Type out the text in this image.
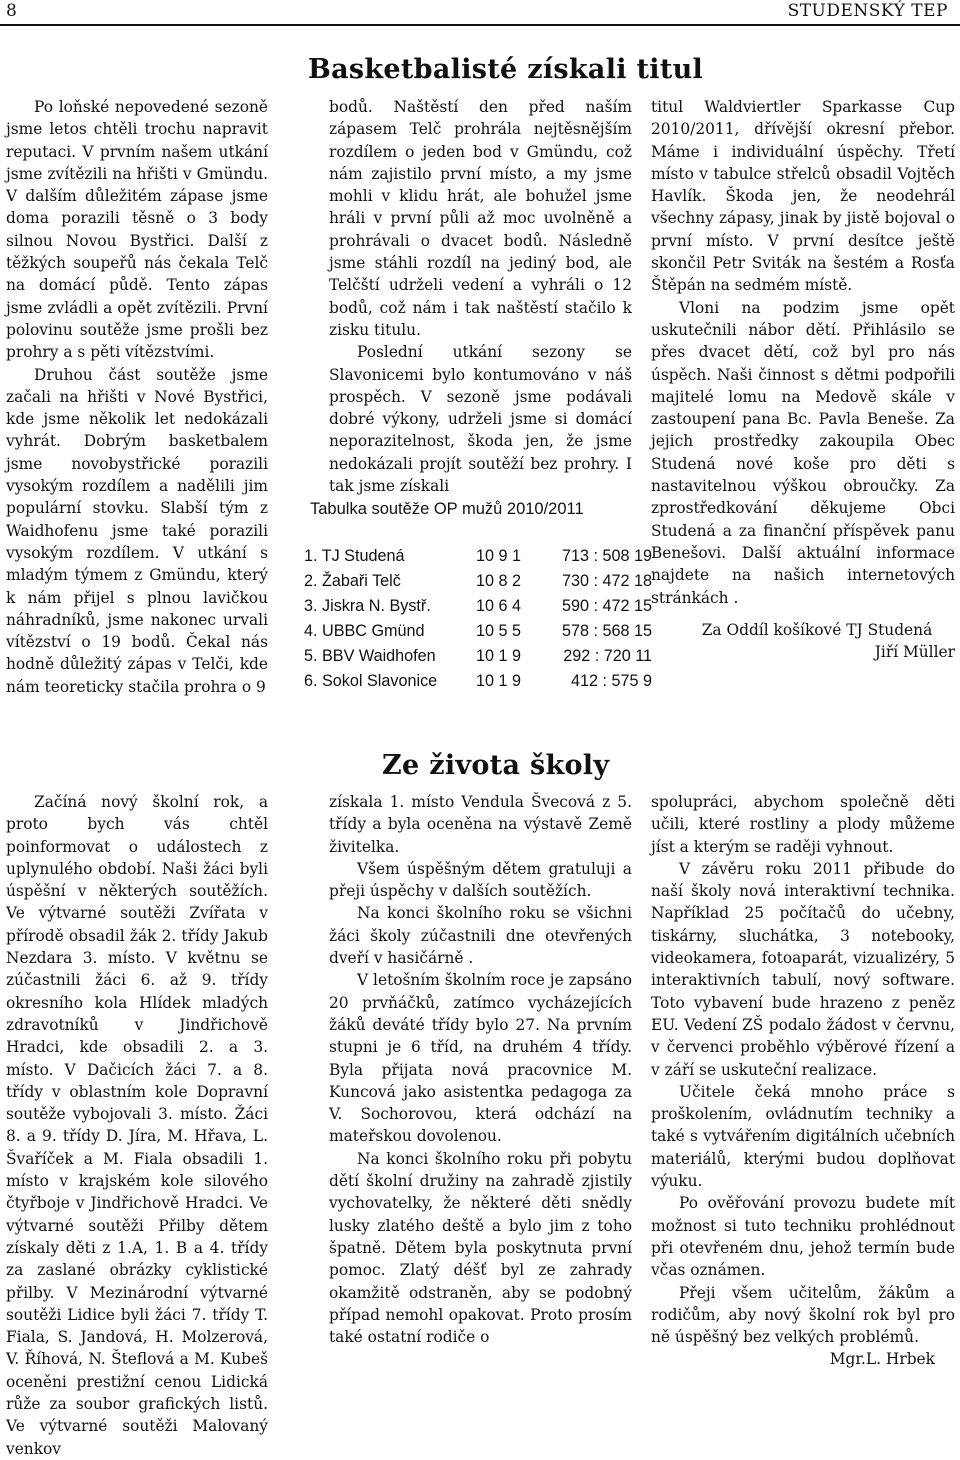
8	STUDENSKÝ TEP
Basketbalisté získali titul

Po loňské nepovedené sezoně jsme letos chtěli trochu napravit reputaci. V prvním našem utkání jsme zvítězili na hřišti v Gmündu. V dalším důležitém zápase jsme doma porazili těsně o 3 body silnou Novou Bystřici. Další z těžkých soupeřů nás čekala Telč na domácí půdě. Tento zápas jsme zvládli a opět zvítězili. První polovinu soutěže jsme prošli bez prohry a s pěti vítězstvími.

Druhou část soutěže jsme začali na hřišti v Nové Bystřici, kde jsme několik let nedokázali vyhrát. Dobrým basketbalem jsme novobystřické porazili vysokým rozdílem a nadělili jim populární stovku. Slabší tým z Waidhofenu jsme také porazili vysokým rozdílem. V utkání s mladým týmem z Gmündu, který k nám přijel s plnou lavičkou náhradníků, jsme nakonec urvali vítězství o 19 bodů. Čekal nás hodně důležitý zápas v Telči, kde nám teoreticky stačila prohra o 9

bodů. Naštěstí den před naším zápasem Telč prohrála nejtěsnějším rozdílem o jeden bod v Gmündu, což nám zajistilo první místo, a my jsme mohli v klidu hrát, ale bohužel jsme hráli v první půli až moc uvolněně a prohrávali o dvacet bodů. Následně jsme stáhli rozdíl na jediný bod, ale Telčští udrželi vedení a vyhráli o 12 bodů, což nám i tak naštěstí stačilo k zisku titulu.

Poslední utkání sezony se Slavonicemi bylo kontumováno v náš prospěch. V sezoně jsme podávali dobré výkony, udrželi jsme si domácí neporazitelnost, škoda jen, že jsme nedokázali projít soutěží bez prohry. I tak jsme získali

Tabulka soutěže OP mužů 2010/2011
1. TJ Studená	10 9 1	713 : 508 19
2. Žabaři Telč	10 8 2	730 : 472 18
3. Jiskra N. Bystř.	10 6 4	590 : 472 15
4. UBBC Gmünd	10 5 5	578 : 568 15
5. BBV Waidhofen	10 1 9	292 : 720 11
6. Sokol Slavonice	10 1 9	412 : 575 9

titul Waldviertler Sparkasse Cup 2010/2011, dřívější okresní přebor. Máme i individuální úspěchy. Třetí místo v tabulce střelců obsadil Vojtěch Havlík. Škoda jen, že neodehrál všechny zápasy, jinak by jistě bojoval o první místo. V první desítce ještě skončil Petr Sviták na šestém a Rosťa Štěpán na sedmém místě.

Vloni na podzim jsme opět uskutečnili nábor dětí. Přihlásilo se přes dvacet dětí, což byl pro nás úspěch. Naši činnost s dětmi podpořili majitelé lomu na Medově skále v zastoupení pana Bc. Pavla Beneše. Za jejich prostředky zakoupila Obec Studená nové koše pro děti s nastavitelnou výškou obroučky. Za zprostředkování děkujeme Obci Studená a za finanční příspěvek panu Benešovi. Další aktuální informace najdete na našich internetových stránkách .

Za Oddíl košíkové TJ Studená

Jiří Müller

Ze života školy

Začíná nový školní rok, a proto bych vás chtěl poinformovat o událostech z uplynulého období. Naši žáci byli úspěšní v některých soutěžích. Ve výtvarné soutěži Zvířata v přírodě obsadil žák 2. třídy Jakub Nezdara 3. místo. V květnu se zúčastnili žáci 6. až 9. třídy okresního kola Hlídek mladých zdravotníků v Jindřichově Hradci, kde obsadili 2. a 3. místo. V Dačicích žáci 7. a 8. třídy v oblastním kole Dopravní soutěže vybojovali 3. místo. Žáci 8. a 9. třídy D. Jíra, M. Hřava, L. Švaříček a M. Fiala obsadili 1. místo v krajském kole silového čtyřboje v Jindřichově Hradci. Ve výtvarné soutěži Přilby dětem získaly děti z 1.A, 1. B a 4. třídy za zaslané obrázky cyklistické přilby. V Mezinárodní výtvarné soutěži Lidice byli žáci 7. třídy T. Fiala, S. Jandová, H. Molzerová, V. Říhová, N. Šteflová a M. Kubeš oceněni prestižní cenou Lidická růže za soubor grafických listů. Ve výtvarné soutěži Malovaný venkov

získala 1. místo Vendula Švecová z 5. třídy a byla oceněna na výstavě Země živitelka.

Všem úspěšným dětem gratuluji a přeji úspěchy v dalších soutěžích.

Na konci školního roku se všichni žáci školy zúčastnili dne otevřených dveří v hasičárně .

V letošním školním roce je zapsáno 20 prvňáčků, zatímco vycházejících žáků deváté třídy bylo 27. Na prvním stupni je 6 tříd, na druhém 4 třídy. Byla přijata nová pracovnice M. Kuncová jako asistentka pedagoga za V. Sochorovou, která odchází na mateřskou dovolenou.

Na konci školního roku při pobytu dětí školní družiny na zahradě zjistily vychovatelky, že některé děti snědly lusky zlatého deště a bylo jim z toho špatně. Dětem byla poskytnuta první pomoc. Zlatý déšť byl ze zahrady okamžitě odstraněn, aby se podobný případ nemohl opakovat. Proto prosím také ostatní rodiče o

spolupráci, abychom společně děti učili, které rostliny a plody můžeme jíst a kterým se raději vyhnout.

V závěru roku 2011 přibude do naší školy nová interaktivní technika. Například 25 počítačů do učebny, tiskárny, sluchátka, 3 notebooky, videokamera, fotoaparát, vizualizéry, 5 interaktivních tabulí, nový software. Toto vybavení bude hrazeno z peněz EU. Vedení ZŠ podalo žádost v červnu, v červenci proběhlo výběrové řízení a v září se uskuteční realizace.

Učitele čeká mnoho práce s proškolením, ovládnutím techniky a také s vytvářením digitálních učebních materiálů, kterými budou doplňovat výuku.

Po ověřování provozu budete mít možnost si tuto techniku prohlédnout při otevřeném dnu, jehož termín bude včas oznámen.

Přeji všem učitelům, žákům a rodičům, aby nový školní rok byl pro ně úspěšný bez velkých problémů.

Mgr.L. Hrbek
